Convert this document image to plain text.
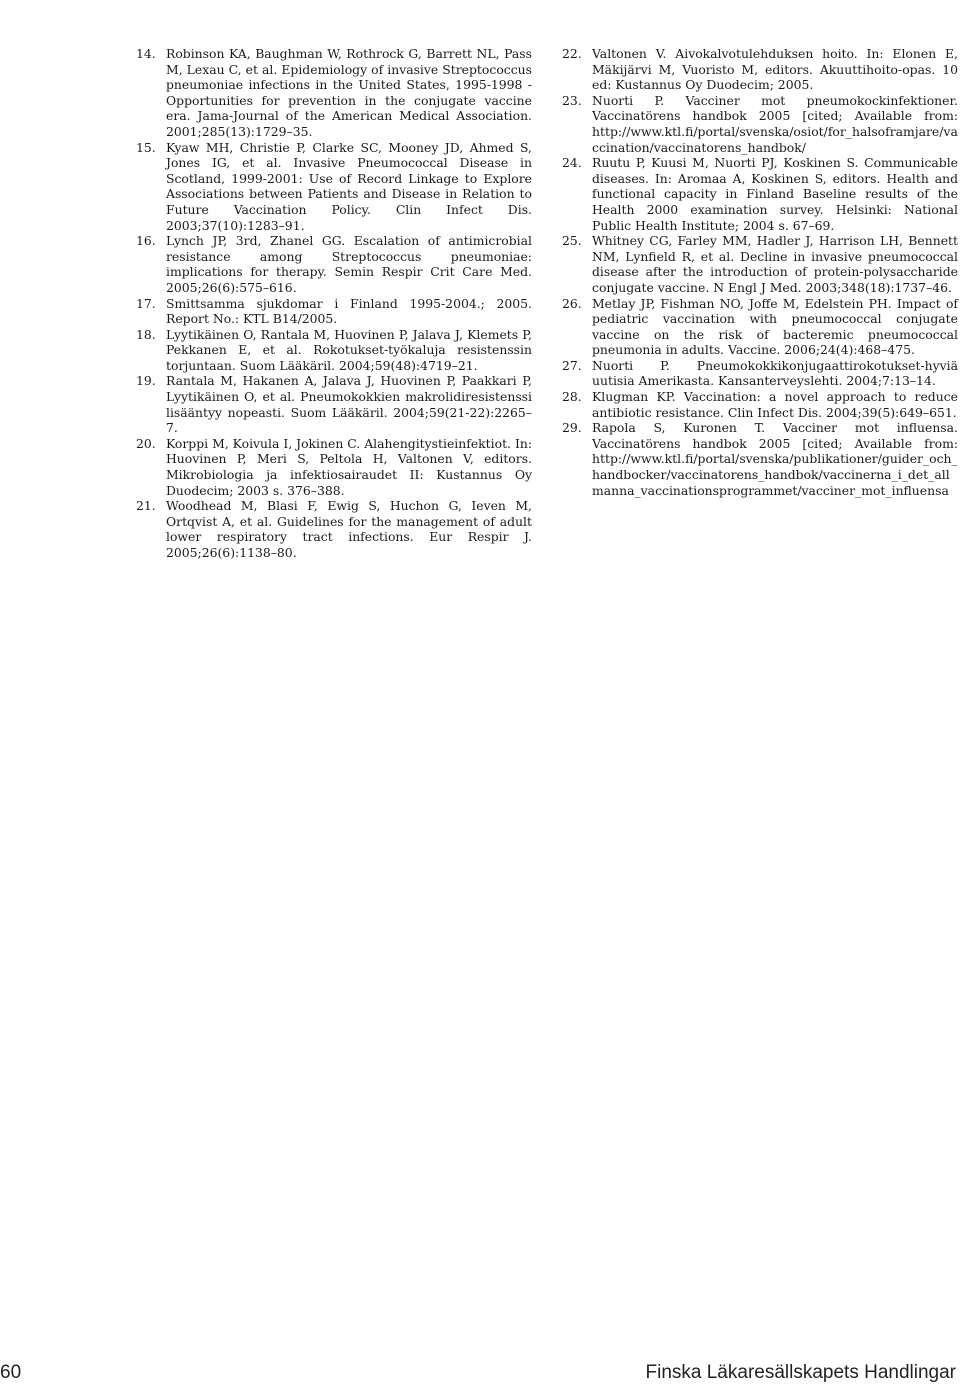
14. Robinson KA, Baughman W, Rothrock G, Barrett NL, Pass M, Lexau C, et al. Epidemiology of invasive Streptococcus pneumoniae infections in the United States, 1995-1998 - Opportunities for prevention in the conjugate vaccine era. Jama-Journal of the American Medical Association. 2001;285(13):1729–35.
15. Kyaw MH, Christie P, Clarke SC, Mooney JD, Ahmed S, Jones IG, et al. Invasive Pneumococcal Disease in Scotland, 1999-2001: Use of Record Linkage to Explore Associations between Patients and Disease in Relation to Future Vaccination Policy. Clin Infect Dis. 2003;37(10):1283–91.
16. Lynch JP, 3rd, Zhanel GG. Escalation of antimicrobial resistance among Streptococcus pneumoniae: implications for therapy. Semin Respir Crit Care Med. 2005;26(6):575–616.
17. Smittsamma sjukdomar i Finland 1995-2004.; 2005. Report No.: KTL B14/2005.
18. Lyytikäinen O, Rantala M, Huovinen P, Jalava J, Klemets P, Pekkanen E, et al. Rokotukset-työkaluja resistenssin torjuntaan. Suom Lääkäril. 2004;59(48):4719–21.
19. Rantala M, Hakanen A, Jalava J, Huovinen P, Paakkari P, Lyytikäinen O, et al. Pneumokokkien makrolidiresistenssi lisääntyy nopeasti. Suom Lääkäril. 2004;59(21-22):2265–7.
20. Korppi M, Koivula I, Jokinen C. Alahengitystieinfektiot. In: Huovinen P, Meri S, Peltola H, Valtonen V, editors. Mikrobiologia ja infektiosairaudet II: Kustannus Oy Duodecim; 2003 s. 376–388.
21. Woodhead M, Blasi F, Ewig S, Huchon G, Ieven M, Ortqvist A, et al. Guidelines for the management of adult lower respiratory tract infections. Eur Respir J. 2005;26(6):1138–80.
22. Valtonen V. Aivokalvotulehduksen hoito. In: Elonen E, Mäkijärvi M, Vuoristo M, editors. Akuuttihoito-opas. 10 ed: Kustannus Oy Duodecim; 2005.
23. Nuorti P. Vacciner mot pneumokockinfektioner. Vaccinatörens handbok 2005 [cited; Available from: http://www.ktl.fi/portal/svenska/osiot/for_halsoframjare/vaccination/vaccinatorens_handbok/
24. Ruutu P, Kuusi M, Nuorti PJ, Koskinen S. Communicable diseases. In: Aromaa A, Koskinen S, editors. Health and functional capacity in Finland Baseline results of the Health 2000 examination survey. Helsinki: National Public Health Institute; 2004 s. 67–69.
25. Whitney CG, Farley MM, Hadler J, Harrison LH, Bennett NM, Lynfield R, et al. Decline in invasive pneumococcal disease after the introduction of protein-polysaccharide conjugate vaccine. N Engl J Med. 2003;348(18):1737–46.
26. Metlay JP, Fishman NO, Joffe M, Edelstein PH. Impact of pediatric vaccination with pneumococcal conjugate vaccine on the risk of bacteremic pneumococcal pneumonia in adults. Vaccine. 2006;24(4):468–475.
27. Nuorti P. Pneumokokkikonjugaattirokotukset-hyviä uutisia Amerikasta. Kansanterveyslehti. 2004;7:13–14.
28. Klugman KP. Vaccination: a novel approach to reduce antibiotic resistance. Clin Infect Dis. 2004;39(5):649–651.
29. Rapola S, Kuronen T. Vacciner mot influensa. Vaccinatörens handbok 2005 [cited; Available from: http://www.ktl.fi/portal/svenska/publikationer/guider_och_handbocker/vaccinatorens_handbok/vaccinerna_i_det_allmanna_vaccinationsprogrammet/vacciner_mot_influensa
60	Finska Läkaresällskapets Handlingar
